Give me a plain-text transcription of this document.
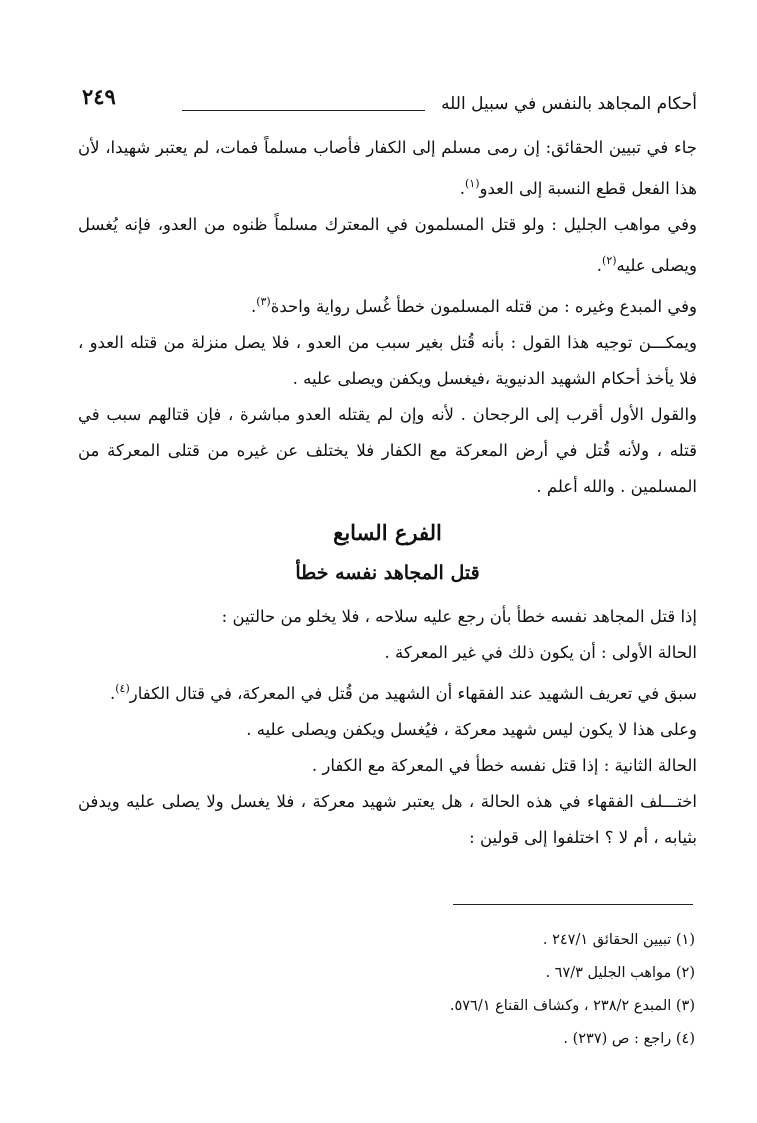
٢٤٩	أحكام المجاهد بالنفس في سبيل الله

جاء في تبيين الحقائق: إن رمى مسلم إلى الكفار فأصاب مسلماً فمات، لم يعتبر شهيدا، لأن هذا الفعل قطع النسبة إلى العدو$^{(١)}$.

وفي مواهب الجليل : ولو قتل المسلمون في المعترك مسلماً ظنوه من العدو، فإنه يُغسل ويصلى عليه$^{(٢)}$.

وفي المبدع وغيره : من قتله المسلمون خطأ غُسل رواية واحدة$^{(٣)}$.

ويمكـــن توجيه هذا القول : بأنه قُتل بغير سبب من العدو ، فلا يصل منزلة من قتله العدو ، فلا يأخذ أحكام الشهيد الدنيوية ،فيغسل ويكفن ويصلى عليه .

والقول الأول أقرب إلى الرجحان . لأنه وإن لم يقتله العدو مباشرة ، فإن قتالهم سبب في قتله ، ولأنه قُتل في أرض المعركة مع الكفار فلا يختلف عن غيره من قتلى المعركة من المسلمين . والله أعلم .

الفرع السابع
قتل المجاهد نفسه خطأ

إذا قتل المجاهد نفسه خطأ بأن رجع عليه سلاحه ، فلا يخلو من حالتين :

الحالة الأولى : أن يكون ذلك في غير المعركة .

سبق في تعريف الشهيد عند الفقهاء أن الشهيد من قُتل في المعركة، في قتال الكفار$^{(٤)}$.

وعلى هذا لا يكون ليس شهيد معركة ، فيُغسل ويكفن ويصلى عليه .

الحالة الثانية : إذا قتل نفسه خطأ في المعركة مع الكفار .

اختـــلف الفقهاء في هذه الحالة ، هل يعتبر شهيد معركة ، فلا يغسل ولا يصلى عليه ويدفن بثيابه ، أم لا ؟ اختلفوا إلى قولين :

(١) تبيين الحقائق ٢٤٧/١ .

(٢) مواهب الجليل ٦٧/٣ .

(٣) المبدع ٢٣٨/٢ ، وكشاف القناع ٥٧٦/١.

(٤) راجع : ص (٢٣٧) .
